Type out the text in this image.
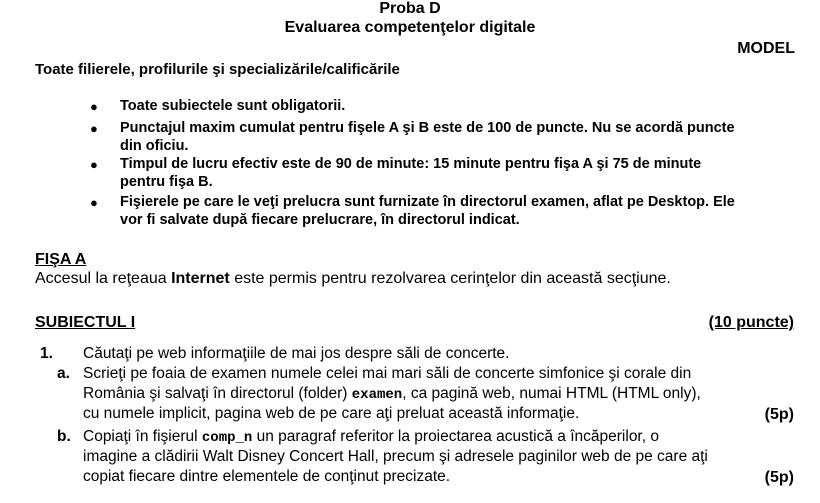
Proba D
Evaluarea competenţelor digitale
MODEL
Toate filierele, profilurile şi specializările/calificările
● Toate subiectele sunt obligatorii.
● Punctajul maxim cumulat pentru fişele A şi B este de 100 de puncte. Nu se acordă puncte
din oficiu.
● Timpul de lucru efectiv este de 90 de minute: 15 minute pentru fişa A şi 75 de minute
pentru fişa B.
● Fişierele pe care le veţi prelucra sunt furnizate în directorul examen, aflat pe Desktop. Ele
vor fi salvate după fiecare prelucrare, în directorul indicat.
FIŞA A
Accesul la reţeaua Internet este permis pentru rezolvarea cerinţelor din această secţiune.
SUBIECTUL I	(10 puncte)
1. Căutaţi pe web informaţiile de mai jos despre săli de concerte.
a. Scrieţi pe foaia de examen numele celei mai mari săli de concerte simfonice şi corale din
România şi salvaţi în directorul (folder) examen, ca pagină web, numai HTML (HTML only),
cu numele implicit, pagina web de pe care aţi preluat această informaţie.	(5p)
b. Copiaţi în fişierul comp_n un paragraf referitor la proiectarea acustică a încăperilor, o
imagine a clădirii Walt Disney Concert Hall, precum şi adresele paginilor web de pe care aţi
copiat fiecare dintre elementele de conţinut precizate.	(5p)
